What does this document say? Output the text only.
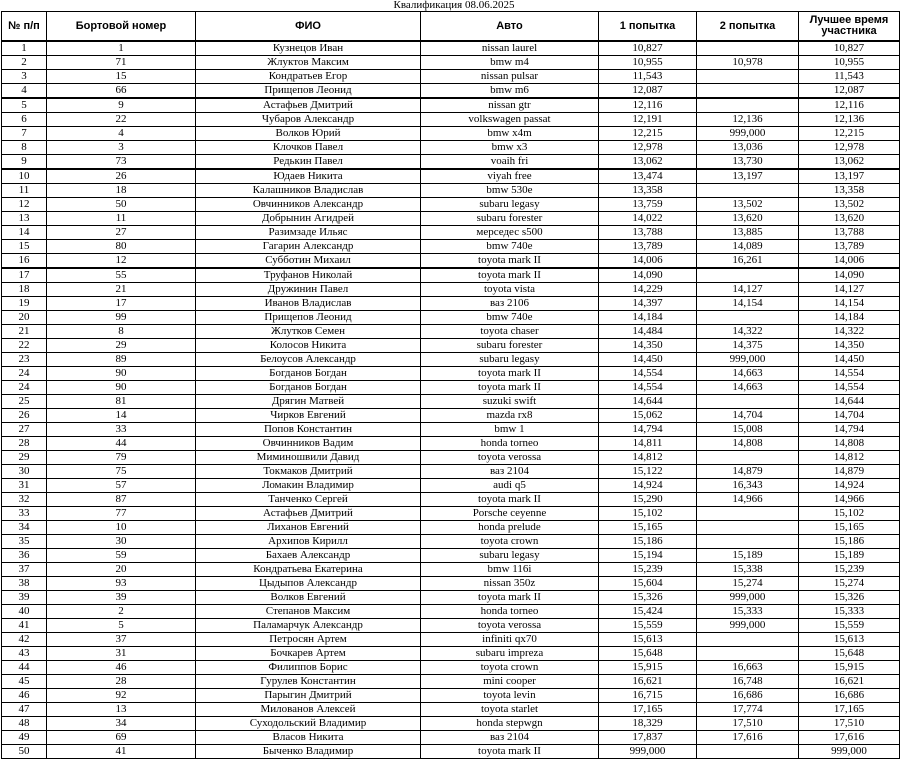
Квалификация 08.06.2025
№ п/п	Бортовой номер	ФИО	Авто	1 попытка	2 попытка	Лучшее время участника
1	1	Кузнецов Иван	nissan laurel	10,827		10,827
2	71	Жлуктов Максим	bmw m4	10,955	10,978	10,955
3	15	Кондратьев Егор	nissan pulsar	11,543		11,543
4	66	Прищепов Леонид	bmw m6	12,087		12,087
5	9	Астафьев Дмитрий	nissan gtr	12,116		12,116
6	22	Чубаров Александр	volkswagen passat	12,191	12,136	12,136
7	4	Волков Юрий	bmw x4m	12,215	999,000	12,215
8	3	Клочков Павел	bmw x3	12,978	13,036	12,978
9	73	Редькин Павел	voaih fri	13,062	13,730	13,062
10	26	Юдаев Никита	viyah free	13,474	13,197	13,197
11	18	Калашников Владислав	bmw 530e	13,358		13,358
12	50	Овчинников Александр	subaru legasy	13,759	13,502	13,502
13	11	Добрынин Агидрей	subaru forester	14,022	13,620	13,620
14	27	Разимзаде Ильяс	мерседес s500	13,788	13,885	13,788
15	80	Гагарин Александр	bmw 740e	13,789	14,089	13,789
16	12	Субботин Михаил	toyota mark II	14,006	16,261	14,006
17	55	Труфанов Николай	toyota mark II	14,090		14,090
18	21	Дружинин Павел	toyota vista	14,229	14,127	14,127
19	17	Иванов Владислав	ваз 2106	14,397	14,154	14,154
20	99	Прищепов Леонид	bmw 740e	14,184		14,184
21	8	Жлутков Семен	toyota chaser	14,484	14,322	14,322
22	29	Колосов Никита	subaru forester	14,350	14,375	14,350
23	89	Белоусов Александр	subaru legasy	14,450	999,000	14,450
24	90	Богданов Богдан	toyota mark II	14,554	14,663	14,554
24	90	Богданов Богдан	toyota mark II	14,554	14,663	14,554
25	81	Дрягин Матвей	suzuki swift	14,644		14,644
26	14	Чирков Евгений	mazda rx8	15,062	14,704	14,704
27	33	Попов Константин	bmw 1	14,794	15,008	14,794
28	44	Овчинников Вадим	honda torneo	14,811	14,808	14,808
29	79	Миминошвили Давид	toyota verossa	14,812		14,812
30	75	Токмаков Дмитрий	ваз 2104	15,122	14,879	14,879
31	57	Ломакин Владимир	audi q5	14,924	16,343	14,924
32	87	Танченко Сергей	toyota mark II	15,290	14,966	14,966
33	77	Астафьев Дмитрий	Porsche ceyenne	15,102		15,102
34	10	Лиханов Евгений	honda prelude	15,165		15,165
35	30	Архипов Кирилл	toyota crown	15,186		15,186
36	59	Бахаев Александр	subaru legasy	15,194	15,189	15,189
37	20	Кондратьева Екатерина	bmw 116i	15,239	15,338	15,239
38	93	Цыдыпов Александр	nissan 350z	15,604	15,274	15,274
39	39	Волков Евгений	toyota mark II	15,326	999,000	15,326
40	2	Степанов Максим	honda torneo	15,424	15,333	15,333
41	5	Паламарчук Александр	toyota verossa	15,559	999,000	15,559
42	37	Петросян Артем	infiniti qx70	15,613		15,613
43	31	Бочкарев Артем	subaru impreza	15,648		15,648
44	46	Филиппов Борис	toyota crown	15,915	16,663	15,915
45	28	Гурулев Константин	mini cooper	16,621	16,748	16,621
46	92	Парыгин Дмитрий	toyota levin	16,715	16,686	16,686
47	13	Милованов Алексей	toyota starlet	17,165	17,774	17,165
48	34	Суходольский Владимир	honda stepwgn	18,329	17,510	17,510
49	69	Власов Никита	ваз 2104	17,837	17,616	17,616
50	41	Быченко Владимир	toyota mark II	999,000		999,000
